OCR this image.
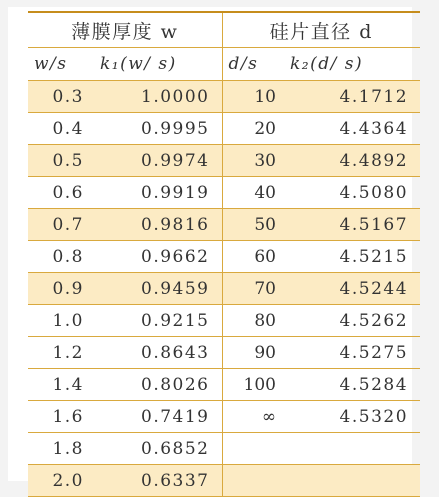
薄膜厚度 w		硅片直径 d	
w/s	k₁(w/ s)	d/s	k₂(d/ s)
0.3	1.0000	10	4.1712
0.4	0.9995	20	4.4364
0.5	0.9974	30	4.4892
0.6	0.9919	40	4.5080
0.7	0.9816	50	4.5167
0.8	0.9662	60	4.5215
0.9	0.9459	70	4.5244
1.0	0.9215	80	4.5262
1.2	0.8643	90	4.5275
1.4	0.8026	100	4.5284
1.6	0.7419	∞	4.5320
1.8	0.6852		
2.0	0.6337		
